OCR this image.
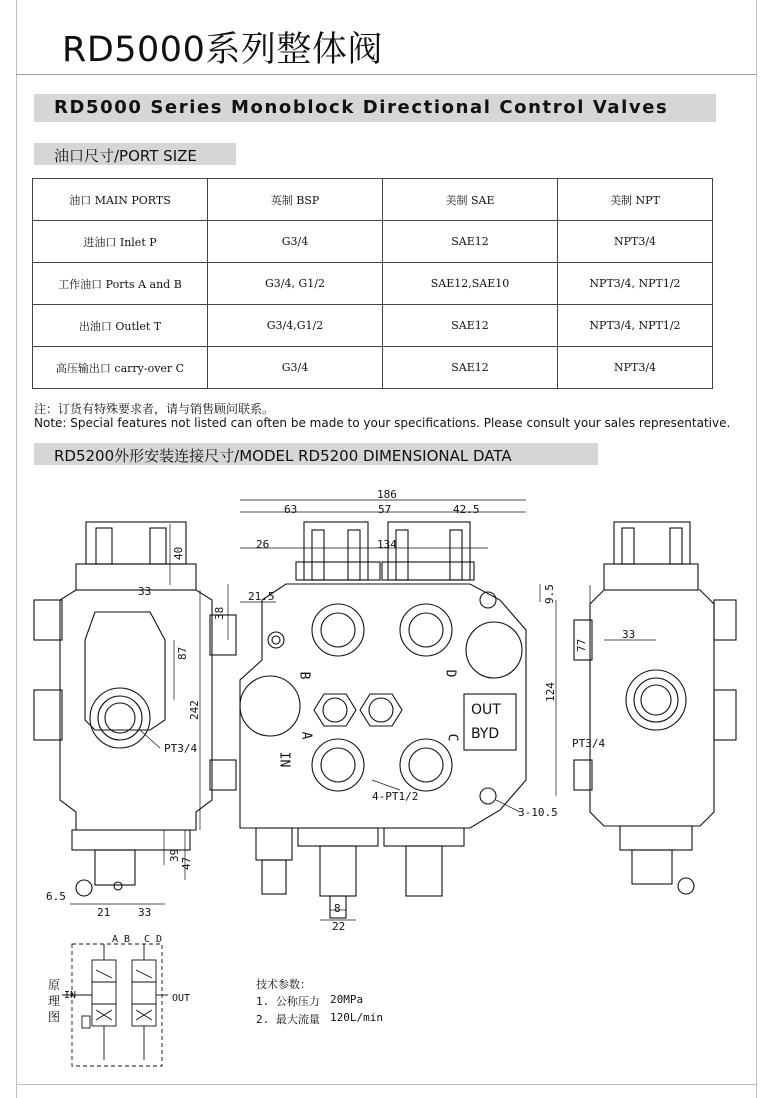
RD5000系列整体阀
RD5000 Series Monoblock Directional Control Valves
油口尺寸/PORT SIZE
油口 MAIN PORTS	英制 BSP	美制 SAE	美制 NPT
进油口 Inlet P	G3/4	SAE12	NPT3/4
工作油口 Ports A and B	G3/4, G1/2	SAE12,SAE10	NPT3/4, NPT1/2
出油口 Outlet T	G3/4,G1/2	SAE12	NPT3/4, NPT1/2
高压输出口 carry-over C	G3/4	SAE12	NPT3/4
注：订货有特殊要求者，请与销售顾问联系。
Note: Special features not listed can often be made to your specifications. Please consult your sales representative.
RD5200外形安装连接尺寸/MODEL RD5200 DIMENSIONAL DATA
186
63	57	42.5
26	134
21.5
38
9.5
124
40
33
87
242
39
47
6.5
21	33
PT3/4
77
33
PT3/4
4-PT1/2
3-10.5
8
22
B	D
A	C
IN
OUT
BYD
原
理
图
A B C D
IN	OUT
技术参数：
1. 公称压力 20MPa
2. 最大流量 120L/min
